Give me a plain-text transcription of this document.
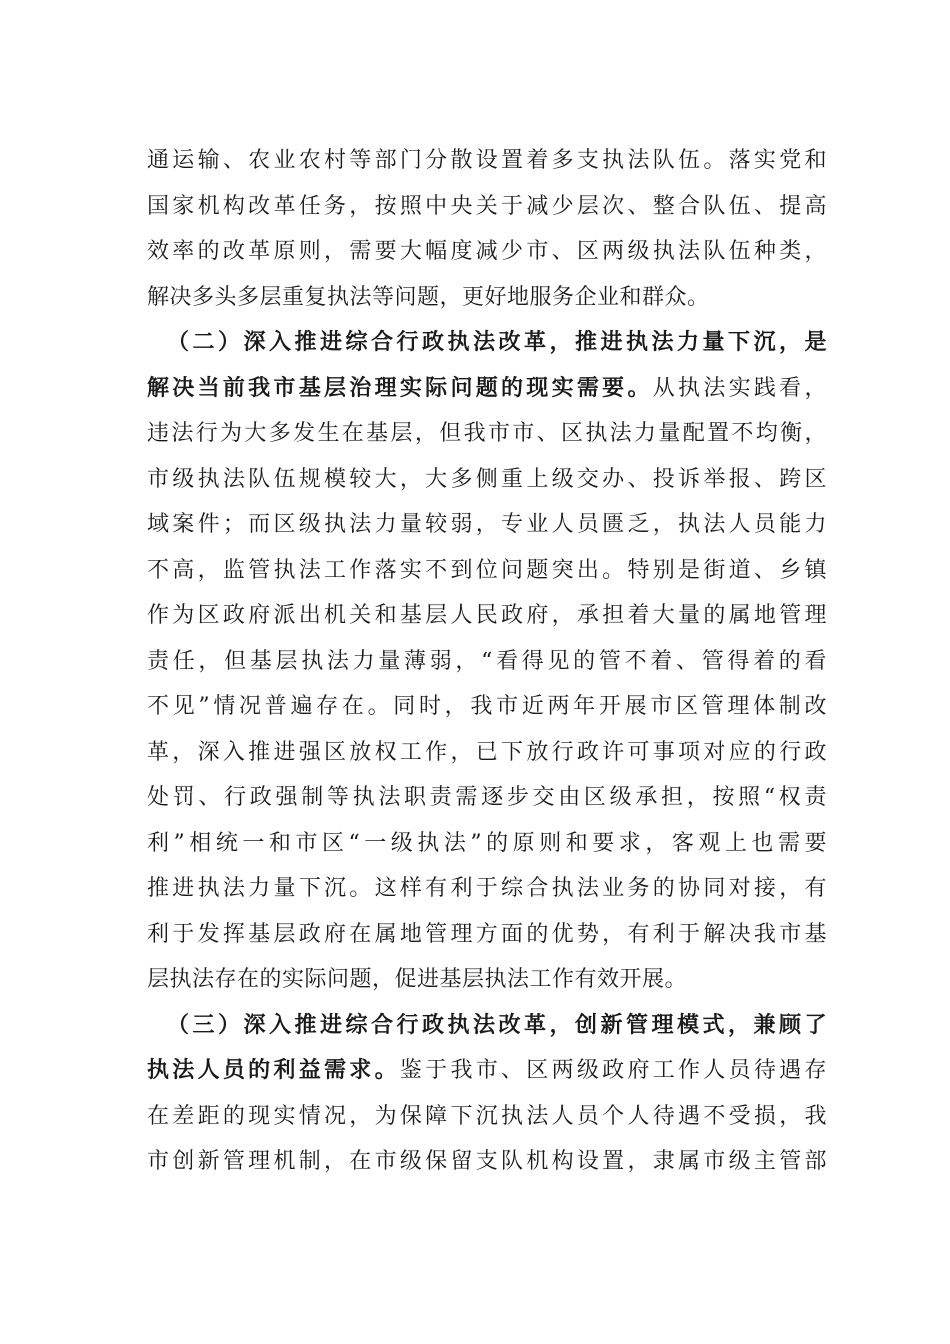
通运输、农业农村等部门分散设置着多支执法队伍。落实党和
国家机构改革任务，按照中央关于减少层次、整合队伍、提高
效率的改革原则，需要大幅度减少市、区两级执法队伍种类，
解决多头多层重复执法等问题，更好地服务企业和群众。
（二）深入推进综合行政执法改革，推进执法力量下沉，是
解决当前我市基层治理实际问题的现实需要。从执法实践看，
违法行为大多发生在基层，但我市市、区执法力量配置不均衡，
市级执法队伍规模较大，大多侧重上级交办、投诉举报、跨区
域案件；而区级执法力量较弱，专业人员匮乏，执法人员能力
不高，监管执法工作落实不到位问题突出。特别是街道、乡镇
作为区政府派出机关和基层人民政府，承担着大量的属地管理
责任，但基层执法力量薄弱，“看得见的管不着、管得着的看
不见”情况普遍存在。同时，我市近两年开展市区管理体制改
革，深入推进强区放权工作，已下放行政许可事项对应的行政
处罚、行政强制等执法职责需逐步交由区级承担，按照“权责
利”相统一和市区“一级执法”的原则和要求，客观上也需要
推进执法力量下沉。这样有利于综合执法业务的协同对接，有
利于发挥基层政府在属地管理方面的优势，有利于解决我市基
层执法存在的实际问题，促进基层执法工作有效开展。
（三）深入推进综合行政执法改革，创新管理模式，兼顾了
执法人员的利益需求。鉴于我市、区两级政府工作人员待遇存
在差距的现实情况，为保障下沉执法人员个人待遇不受损，我
市创新管理机制，在市级保留支队机构设置，隶属市级主管部
